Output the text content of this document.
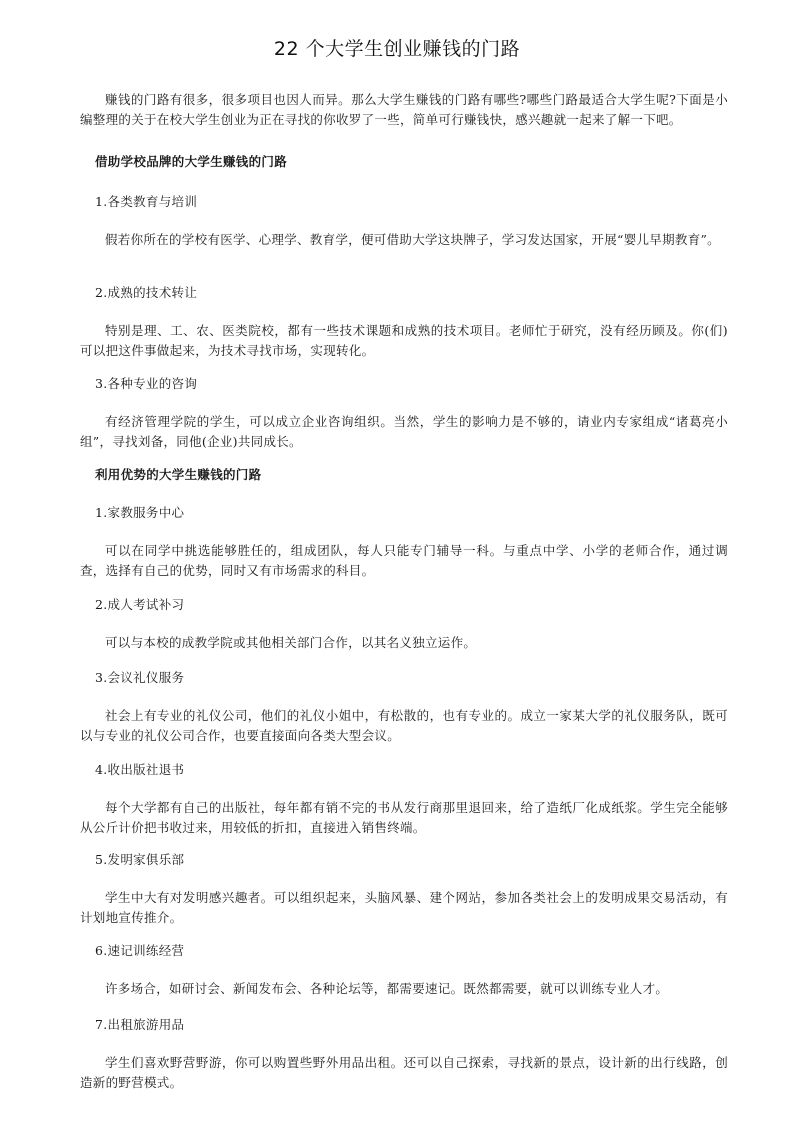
22 个大学生创业赚钱的门路

赚钱的门路有很多，很多项目也因人而异。那么大学生赚钱的门路有哪些?哪些门路最适合大学生呢?下面是小编整理的关于在校大学生创业为正在寻找的你收罗了一些，简单可行赚钱快，感兴趣就一起来了解一下吧。

借助学校品牌的大学生赚钱的门路

1.各类教育与培训

假若你所在的学校有医学、心理学、教育学，便可借助大学这块牌子，学习发达国家，开展“婴儿早期教育”。

2.成熟的技术转让

特别是理、工、农、医类院校，都有一些技术课题和成熟的技术项目。老师忙于研究，没有经历顾及。你(们)可以把这件事做起来，为技术寻找市场，实现转化。

3.各种专业的咨询

有经济管理学院的学生，可以成立企业咨询组织。当然，学生的影响力是不够的，请业内专家组成“诸葛亮小组”，寻找刘备，同他(企业)共同成长。

利用优势的大学生赚钱的门路

1.家教服务中心

可以在同学中挑选能够胜任的，组成团队，每人只能专门辅导一科。与重点中学、小学的老师合作，通过调查，选择有自己的优势，同时又有市场需求的科目。

2.成人考试补习

可以与本校的成教学院或其他相关部门合作，以其名义独立运作。

3.会议礼仪服务

社会上有专业的礼仪公司，他们的礼仪小姐中，有松散的，也有专业的。成立一家某大学的礼仪服务队，既可以与专业的礼仪公司合作，也要直接面向各类大型会议。

4.收出版社退书

每个大学都有自己的出版社，每年都有销不完的书从发行商那里退回来，给了造纸厂化成纸浆。学生完全能够从公斤计价把书收过来，用较低的折扣，直接进入销售终端。

5.发明家俱乐部

学生中大有对发明感兴趣者。可以组织起来，头脑风暴、建个网站，参加各类社会上的发明成果交易活动，有计划地宣传推介。

6.速记训练经营

许多场合，如研讨会、新闻发布会、各种论坛等，都需要速记。既然都需要，就可以训练专业人才。

7.出租旅游用品

学生们喜欢野营野游，你可以购置些野外用品出租。还可以自己探索，寻找新的景点，设计新的出行线路，创造新的野营模式。
